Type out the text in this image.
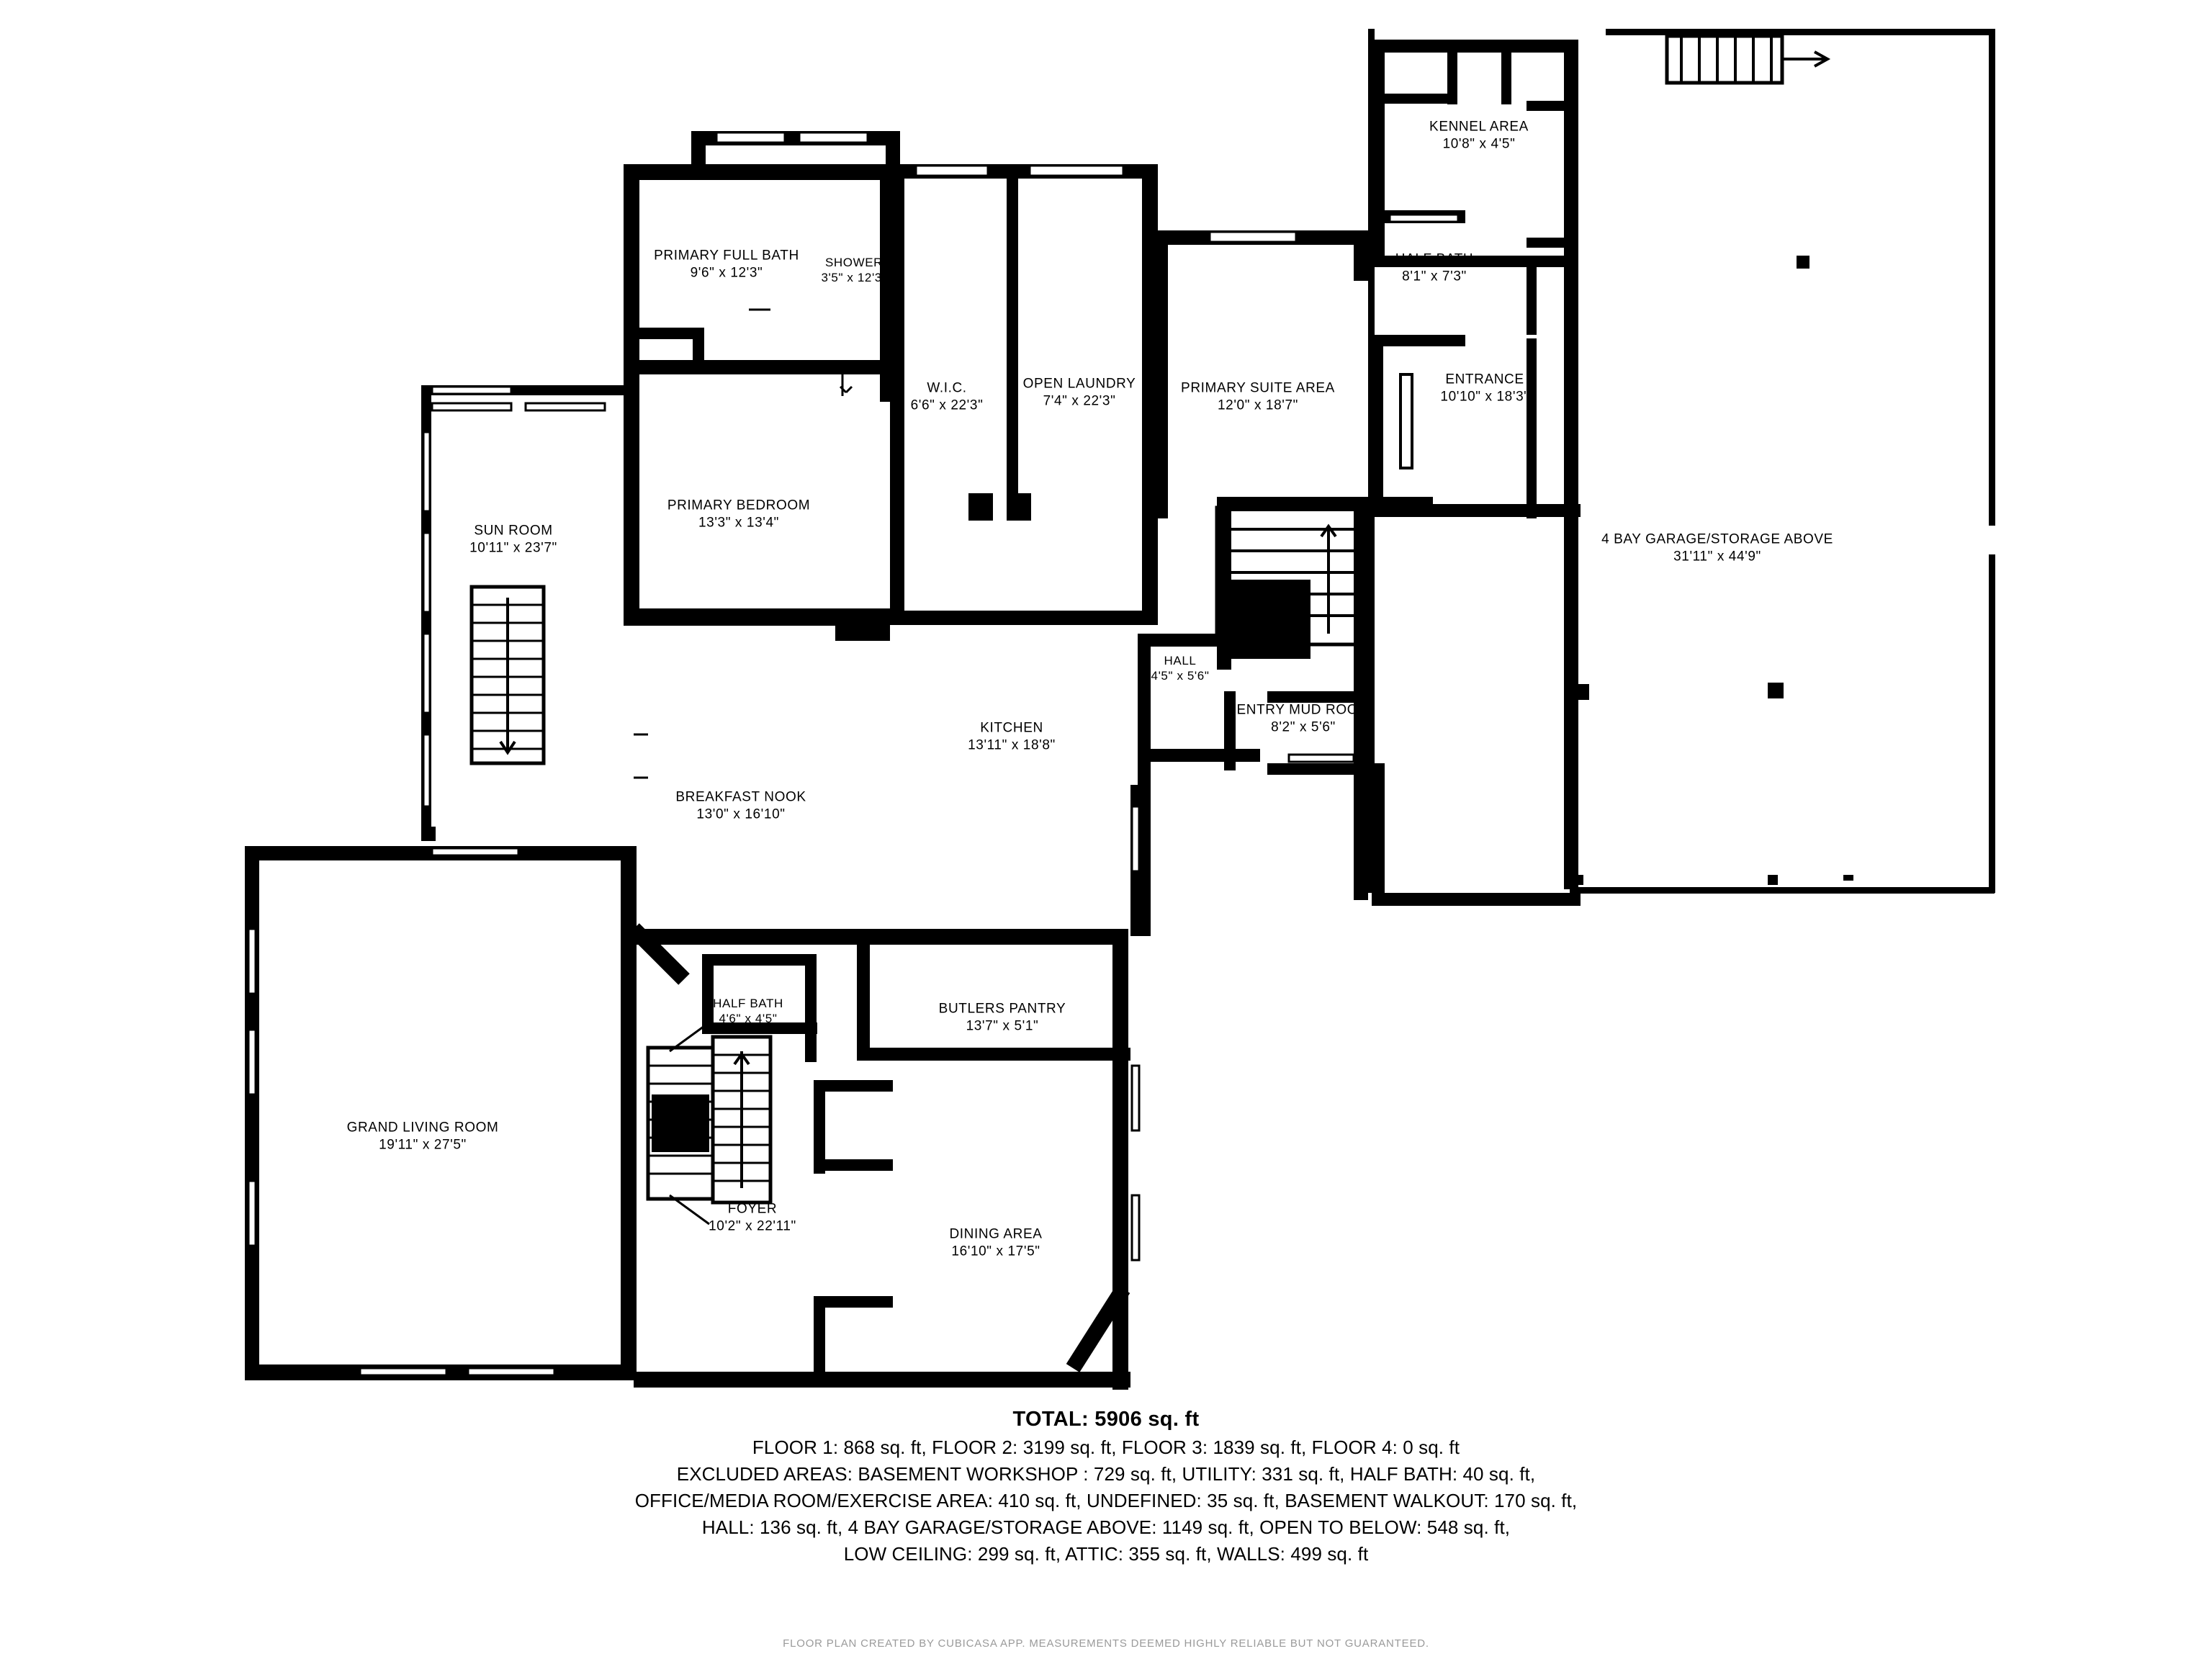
PRIMARY FULL BATH
9'6" x 12'3"
SHOWER
3'5" x 12'3"
W.I.C.
6'6" x 22'3"
OPEN LAUNDRY
7'4" x 22'3"
PRIMARY SUITE AREA
12'0" x 18'7"
KENNEL AREA
10'8" x 4'5"
HALF BATH
8'1" x 7'3"
ENTRANCE
10'10" x 18'3"
4 BAY GARAGE/STORAGE ABOVE
31'11" x 44'9"
SUN ROOM
10'11" x 23'7"
PRIMARY BEDROOM
13'3" x 13'4"
HALL
4'5" x 5'6"
ENTRY MUD ROOM
8'2" x 5'6"
KITCHEN
13'11" x 18'8"
BREAKFAST NOOK
13'0" x 16'10"
HALF BATH
4'6" x 4'5"
BUTLERS PANTRY
13'7" x 5'1"
GRAND LIVING ROOM
19'11" x 27'5"
FOYER
10'2" x 22'11"
DINING AREA
16'10" x 17'5"
TOTAL: 5906 sq. ft
FLOOR 1: 868 sq. ft, FLOOR 2: 3199 sq. ft, FLOOR 3: 1839 sq. ft, FLOOR 4: 0 sq. ft
EXCLUDED AREAS: BASEMENT WORKSHOP : 729 sq. ft, UTILITY: 331 sq. ft, HALF BATH: 40 sq. ft,
OFFICE/MEDIA ROOM/EXERCISE AREA: 410 sq. ft, UNDEFINED: 35 sq. ft, BASEMENT WALKOUT: 170 sq. ft,
HALL: 136 sq. ft, 4 BAY GARAGE/STORAGE ABOVE: 1149 sq. ft, OPEN TO BELOW: 548 sq. ft,
LOW CEILING: 299 sq. ft, ATTIC: 355 sq. ft, WALLS: 499 sq. ft
FLOOR PLAN CREATED BY CUBICASA APP. MEASUREMENTS DEEMED HIGHLY RELIABLE BUT NOT GUARANTEED.
